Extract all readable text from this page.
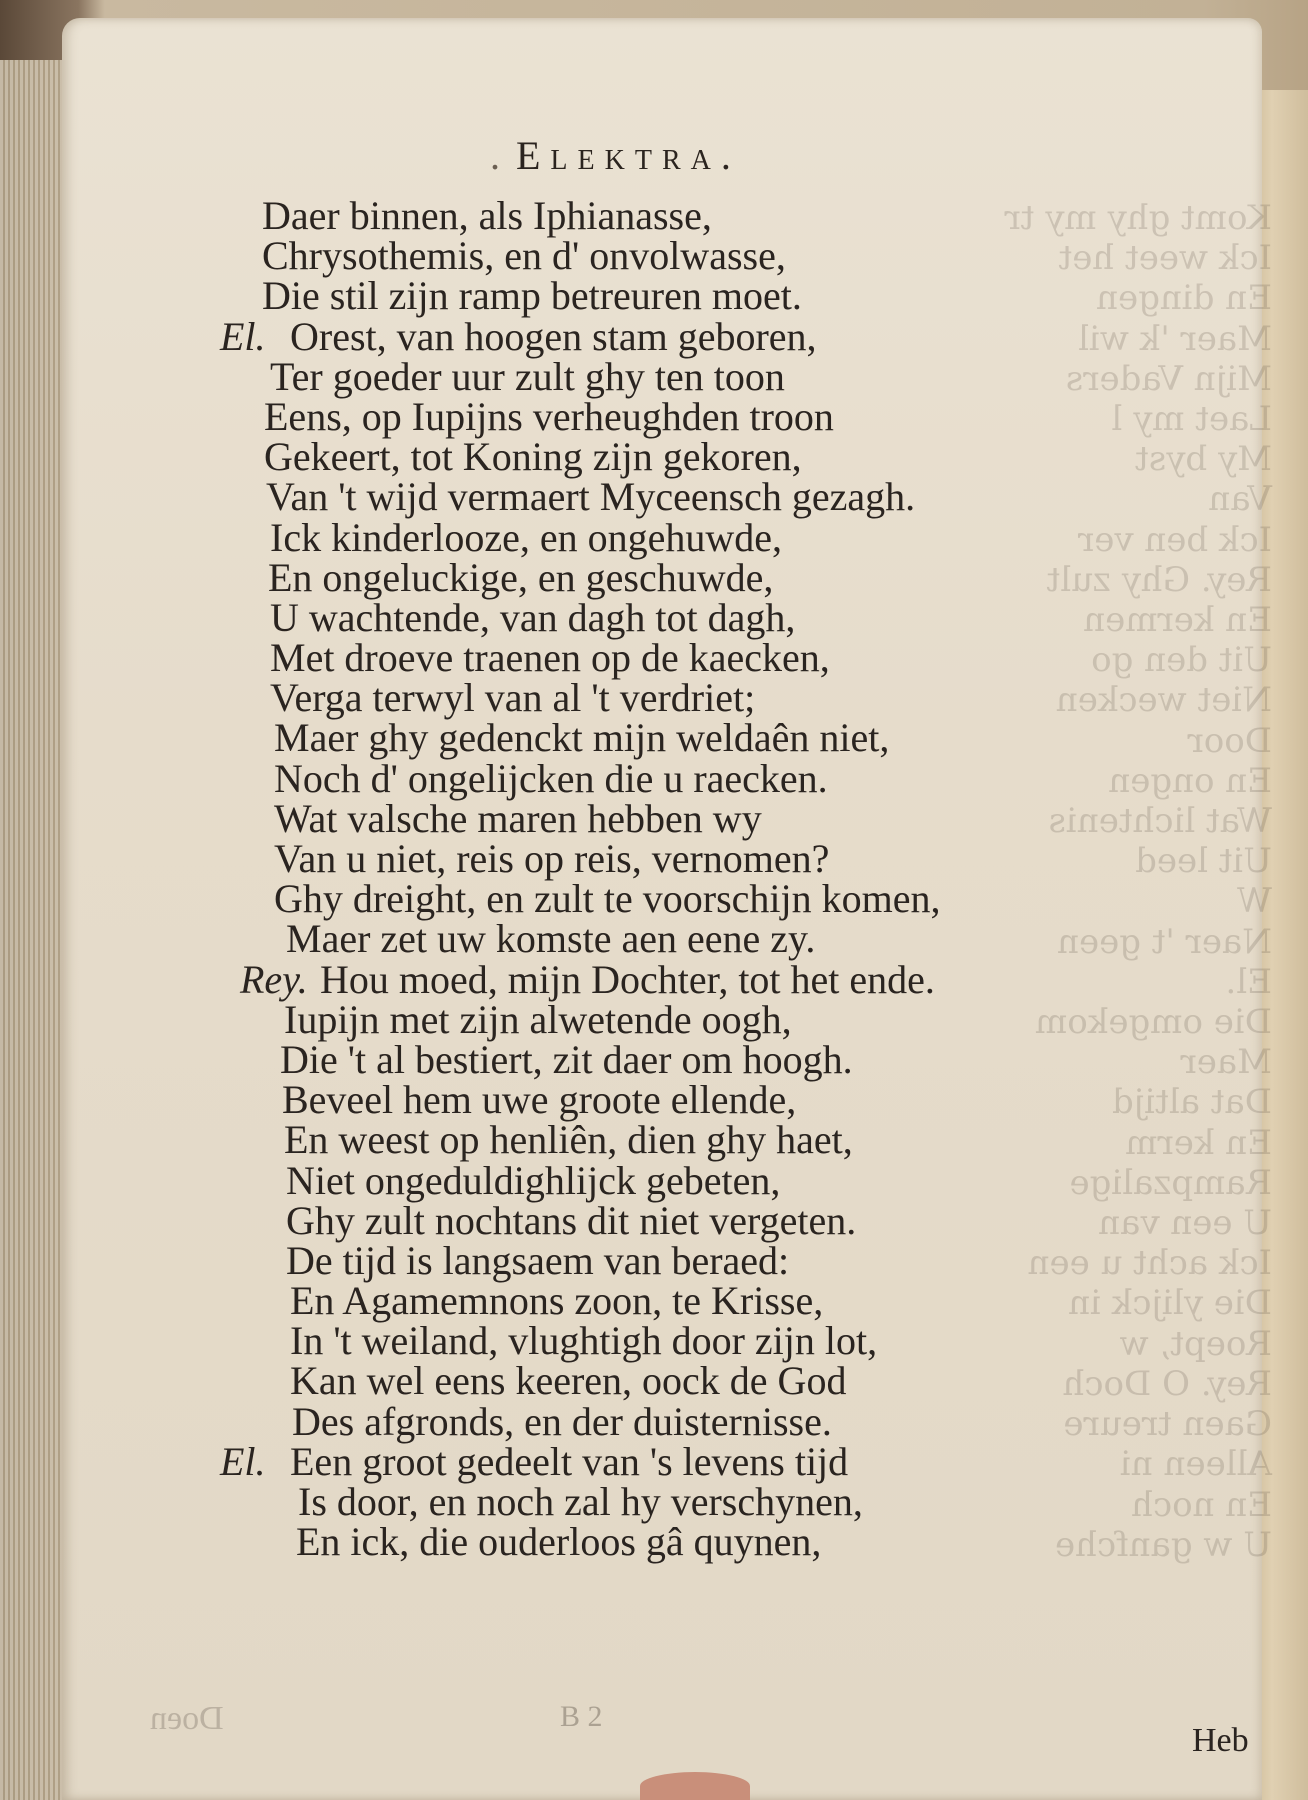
Komt ghy my tr
Ick weet het
En dingen
Maer 'k wil
Mijn Vaders
Laet my l
My byst
Van
Ick ben ver
Rey. Ghy zult
En kermen
Uit den go
Niet wecken
Door
En ongen
Wat lichtenis
Uit leed
W
Naer 't geen
El.
Die omgekom
Maer
Dat altijd
En kerm
Rampzalige
U een van
Ick acht u een
Die ylijck in
Roept, w
Rey. O Doch
Gaen treure
Alleen ni
En noch
U w ganfche
. Elektra.
Daer binnen, als Iphianasse,
Chrysothemis, en d' onvolwasse,
Die stil zijn ramp betreuren moet.
El. Orest, van hoogen stam geboren,
Ter goeder uur zult ghy ten toon
Eens, op Iupijns verheughden troon
Gekeert, tot Koning zijn gekoren,
Van 't wijd vermaert Myceensch gezagh.
Ick kinderlooze, en ongehuwde,
En ongeluckige, en geschuwde,
U wachtende, van dagh tot dagh,
Met droeve traenen op de kaecken,
Verga terwyl van al 't verdriet;
Maer ghy gedenckt mijn weldaên niet,
Noch d' ongelijcken die u raecken.
Wat valsche maren hebben wy
Van u niet, reis op reis, vernomen?
Ghy dreight, en zult te voorschijn komen,
Maer zet uw komste aen eene zy.
Rey. Hou moed, mijn Dochter, tot het ende.
Iupijn met zijn alwetende oogh,
Die 't al bestiert, zit daer om hoogh.
Beveel hem uwe groote ellende,
En weest op henliên, dien ghy haet,
Niet ongeduldighlijck gebeten,
Ghy zult nochtans dit niet vergeten.
De tijd is langsaem van beraed:
En Agamemnons zoon, te Krisse,
In 't weiland, vlughtigh door zijn lot,
Kan wel eens keeren, oock de God
Des afgronds, en der duisternisse.
El. Een groot gedeelt van 's levens tijd
Is door, en noch zal hy verschynen,
En ick, die ouderloos gâ quynen,
Doen	B 2
Heb
